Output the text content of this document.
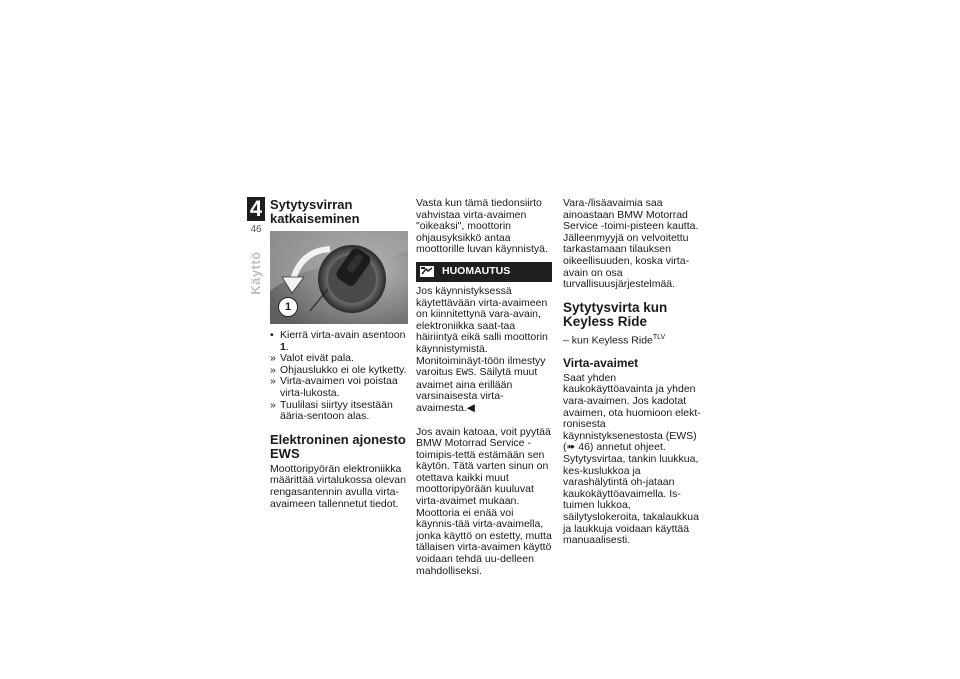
4
46
Käyttö
Sytytysvirran
katkaiseminen
1
• Kierrä virta-avain asentoon 1.
» Valot eivät pala.
» Ohjauslukko ei ole kytketty.
» Virta-avaimen voi poistaa virta-lukosta.
» Tuulilasi siirtyy itsestään ääria-sentoon alas.
Elektroninen ajonesto
EWS

Moottoripyörän elektroniikka määrittää virtalukossa olevan rengasantennin avulla virta-avaimeen tallennetut tiedot.

Vasta kun tämä tiedonsiirto vahvistaa virta-avaimen "oikeaksi", moottorin ohjausyksikkö antaa moottorille luvan käynnistyä.

HUOMAUTUS

Jos käynnistyksessä käytettävään virta-avaimeen on kiinnitettynä vara-avain, elektroniikka saat-taa häiriintyä eikä salli moottorin käynnistymistä. Monitoiminäyt-töön ilmestyy varoitus EWS. Säilytä muut avaimet aina erillään varsinaisesta virta-avaimesta.◀

Jos avain katoaa, voit pyytää BMW Motorrad Service -toimipis-tettä estämään sen käytön. Tätä varten sinun on otettava kaikki muut moottoripyörään kuuluvat virta-avaimet mukaan.

Moottoria ei enää voi käynnis-tää virta-avaimella, jonka käyttö on estetty, mutta tällaisen virta-avaimen käyttö voidaan tehdä uu-delleen mahdolliseksi.

Vara-/lisäavaimia saa ainoastaan BMW Motorrad Service -toimi-pisteen kautta. Jälleenmyyjä on velvoitettu tarkastamaan tilauksen oikeellisuuden, koska virta-avain on osa turvallisuusjärjestelmää.

Sytytysvirta kun
Keyless Ride

– kun Keyless Ride$^{TLV}$

Virta-avaimet

Saat yhden kaukokäyttöavainta ja yhden vara-avaimen. Jos kadotat avaimen, ota huomioon elekt-ronisesta käynnistyksenestosta (EWS) (➠ 46) annetut ohjeet. Sytytysvirtaa, tankin luukkua, kes-kuslukkoa ja varashälytintä oh-jataan kaukokäyttöavaimella. Is-tuimen lukkoa, säilytyslokeroita, takalaukkua ja laukkuja voidaan käyttää manuaalisesti.
